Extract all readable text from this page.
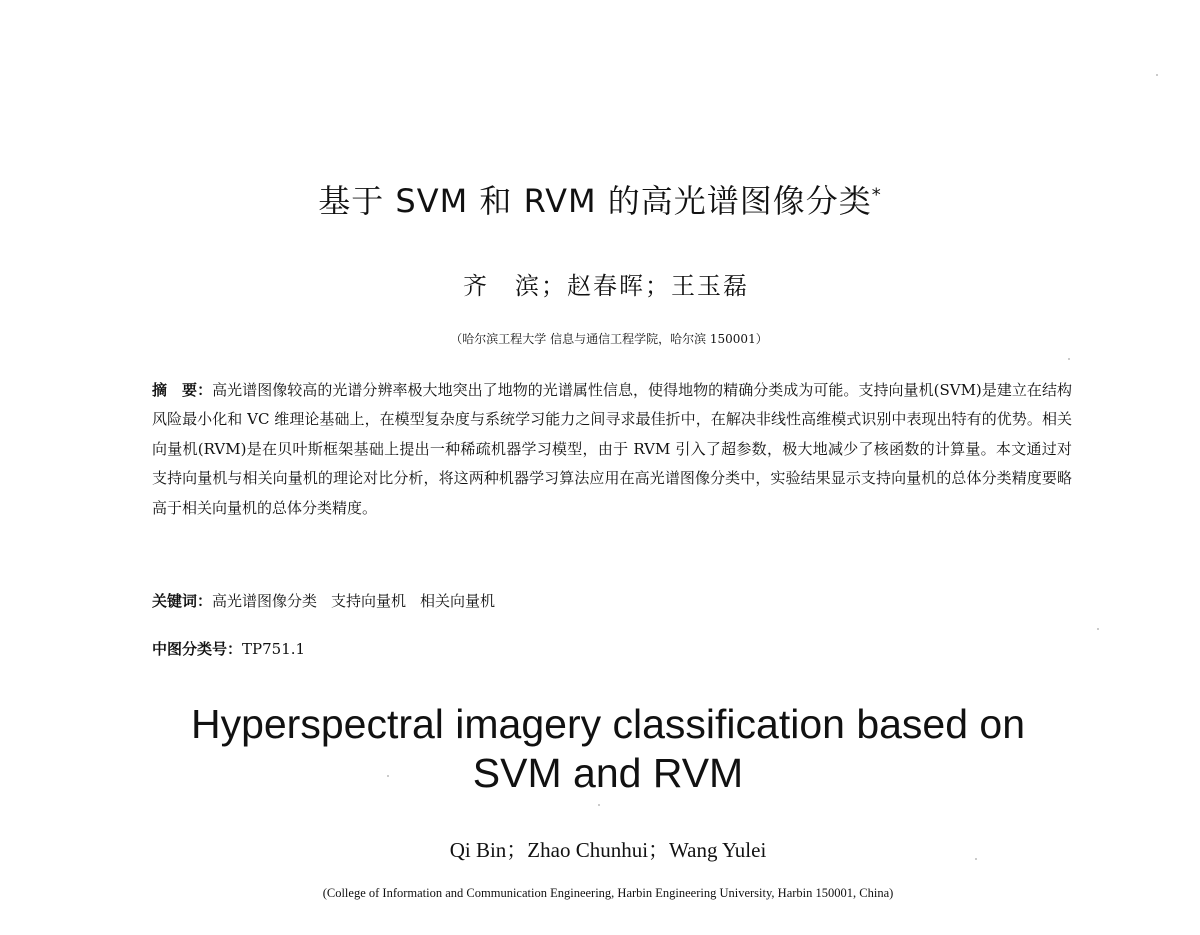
基于 SVM 和 RVM 的高光谱图像分类*
齐　滨；赵春晖；王玉磊
（哈尔滨工程大学 信息与通信工程学院，哈尔滨 150001）
摘　要：高光谱图像较高的光谱分辨率极大地突出了地物的光谱属性信息，使得地物的精确分类成为可能。支持向量机(SVM)是建立在结构风险最小化和 VC 维理论基础上，在模型复杂度与系统学习能力之间寻求最佳折中，在解决非线性高维模式识别中表现出特有的优势。相关向量机(RVM)是在贝叶斯框架基础上提出一种稀疏机器学习模型，由于 RVM 引入了超参数，极大地减少了核函数的计算量。本文通过对支持向量机与相关向量机的理论对比分析，将这两种机器学习算法应用在高光谱图像分类中，实验结果显示支持向量机的总体分类精度要略高于相关向量机的总体分类精度。
关键词：高光谱图像分类 支持向量机 相关向量机
中图分类号：TP751.1
Hyperspectral imagery classification based on
SVM and RVM
Qi Bin；Zhao Chunhui；Wang Yulei
(College of Information and Communication Engineering, Harbin Engineering University, Harbin 150001, China)
